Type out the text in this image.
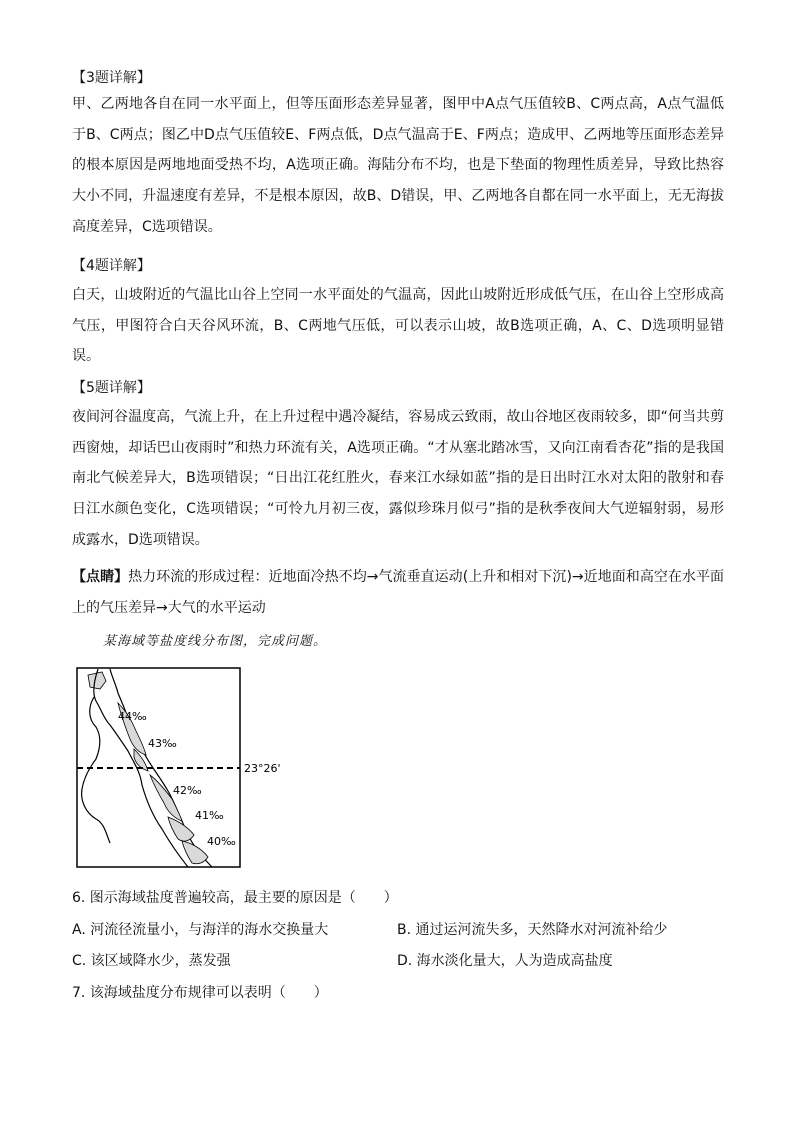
【3题详解】
甲、乙两地各自在同一水平面上，但等压面形态差异显著，图甲中A点气压值较B、C两点高，A点气温低于B、C两点；图乙中D点气压值较E、F两点低，D点气温高于E、F两点；造成甲、乙两地等压面形态差异的根本原因是两地地面受热不均，A选项正确。海陆分布不均，也是下垫面的物理性质差异，导致比热容大小不同，升温速度有差异，不是根本原因，故B、D错误，甲、乙两地各自都在同一水平面上，无无海拔高度差异，C选项错误。
【4题详解】
白天，山坡附近的气温比山谷上空同一水平面处的气温高，因此山坡附近形成低气压，在山谷上空形成高气压，甲图符合白天谷风环流，B、C两地气压低，可以表示山坡，故B选项正确，A、C、D选项明显错误。
【5题详解】
夜间河谷温度高，气流上升，在上升过程中遇冷凝结，容易成云致雨，故山谷地区夜雨较多，即“何当共剪西窗烛，却话巴山夜雨时”和热力环流有关，A选项正确。“才从塞北踏冰雪，又向江南看杏花”指的是我国南北气候差异大，B选项错误；“日出江花红胜火，春来江水绿如蓝”指的是日出时江水对太阳的散射和春日江水颜色变化，C选项错误；“可怜九月初三夜，露似珍珠月似弓”指的是秋季夜间大气逆辐射弱，易形成露水，D选项错误。
【点睛】热力环流的形成过程：近地面冷热不均→气流垂直运动(上升和相对下沉)→近地面和高空在水平面上的气压差异→大气的水平运动
某海域等盐度线分布图，完成问题。
44‰
43‰
42‰
41‰
40‰
23°26'
6. 图示海域盐度普遍较高，最主要的原因是（　　）
A. 河流径流量小，与海洋的海水交换量大	B. 通过运河流失多，天然降水对河流补给少
C. 该区域降水少，蒸发强	D. 海水淡化量大，人为造成高盐度
7. 该海域盐度分布规律可以表明（　　）
